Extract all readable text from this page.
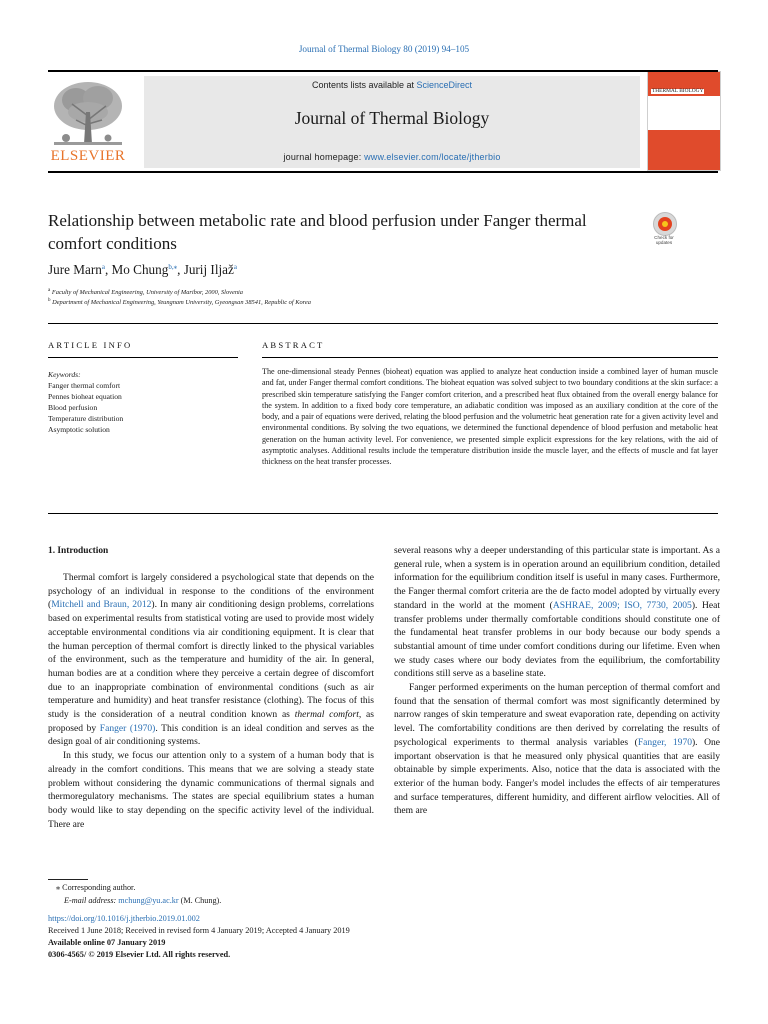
Journal of Thermal Biology 80 (2019) 94–105
ELSEVIER
Contents lists available at ScienceDirect
Journal of Thermal Biology
journal homepage: www.elsevier.com/locate/jtherbio
THERMAL BIOLOGY
Relationship between metabolic rate and blood perfusion under Fanger thermal comfort conditions	Check for updates
Jure Marn$^a$, Mo Chung$^{b,⁎}$, Jurij Iljaž$^a$
$^a$ Faculty of Mechanical Engineering, University of Maribor, 2000, Slovenia
$^b$ Department of Mechanical Engineering, Yeungnam University, Gyeongsan 38541, Republic of Korea
ARTICLE INFO	ABSTRACT
Keywords:
Fanger thermal comfort
Pennes bioheat equation
Blood perfusion
Temperature distribution
Asymptotic solution
The one-dimensional steady Pennes (bioheat) equation was applied to analyze heat conduction inside a combined layer of human muscle and fat, under Fanger thermal comfort conditions. The bioheat equation was solved subject to two boundary conditions at the skin surface: a prescribed skin temperature satisfying the Fanger comfort criterion, and a prescribed heat flux obtained from the overall energy balance for the system. In addition to a fixed body core temperature, an adiabatic condition was imposed as an auxiliary condition at the core of the body, and a pair of equations were derived, relating the blood perfusion and the volumetric heat generation rate for a given activity level and environmental conditions. By solving the two equations, we determined the functional dependence of blood perfusion and metabolic heat generation on the human activity level. For convenience, we presented simple explicit expressions for the key relations, with the aid of asymptotic analyses. Additional results include the temperature distribution inside the muscle layer, and the effects of muscle and fat layer thickness on the heat transfer processes.
1. Introduction

Thermal comfort is largely considered a psychological state that depends on the psychology of an individual in response to the conditions of the environment (Mitchell and Braun, 2012). In many air conditioning design problems, correlations based on experimental results from statistical voting are used to provide most widely acceptable environmental conditions via air conditioning equipment. It is clear that the human perception of thermal comfort is directly linked to the physical variables of the environment, such as the temperature and humidity of the air. In general, human bodies are at a condition where they perceive a certain degree of discomfort due to an inappropriate combination of environmental conditions (such as air temperature and humidity) and heat transfer resistance (clothing). The focus of this study is the consideration of a neutral condition known as thermal comfort, as proposed by Fanger (1970). This condition is an ideal condition and serves as the design goal of air conditioning systems.

In this study, we focus our attention only to a system of a human body that is already in the comfort conditions. This means that we are solving a steady state problem without considering the dynamic communications of thermal signals and thermoregulatory mechanisms. The states are special equilibrium states a human body would like to stay depending on the specific activity level of the individual. There are

several reasons why a deeper understanding of this particular state is important. As a general rule, when a system is in operation around an equilibrium condition, detailed information for the equilibrium condition itself is useful in many cases. Furthermore, the Fanger thermal comfort criteria are the de facto model adopted by virtually every standard in the world at the moment (ASHRAE, 2009; ISO, 7730, 2005). Heat transfer problems under thermally comfortable conditions should constitute one of the fundamental heat transfer problems in our body because our body spends a substantial amount of time under comfort conditions during our lifetime. Even when we study cases where our body deviates from the equilibrium, the comfortability conditions still serve as a baseline state.

Fanger performed experiments on the human perception of thermal comfort and found that the sensation of thermal comfort was most significantly determined by narrow ranges of skin temperature and sweat evaporation rate, depending on activity level. The comfortability conditions are then derived by correlating the results of psychological experiments to thermal analysis variables (Fanger, 1970). One important observation is that he measured only physical quantities that are easily obtainable by simple experiments. Also, notice that the data is associated with the exterior of the human body. Fanger's model includes the effects of air temperatures and surface temperatures, different humidity, and different airflow velocities. All of them are

⁎ Corresponding author.
E-mail address: mchung@yu.ac.kr (M. Chung).
https://doi.org/10.1016/j.jtherbio.2019.01.002
Received 1 June 2018; Received in revised form 4 January 2019; Accepted 4 January 2019
Available online 07 January 2019
0306-4565/ © 2019 Elsevier Ltd. All rights reserved.
